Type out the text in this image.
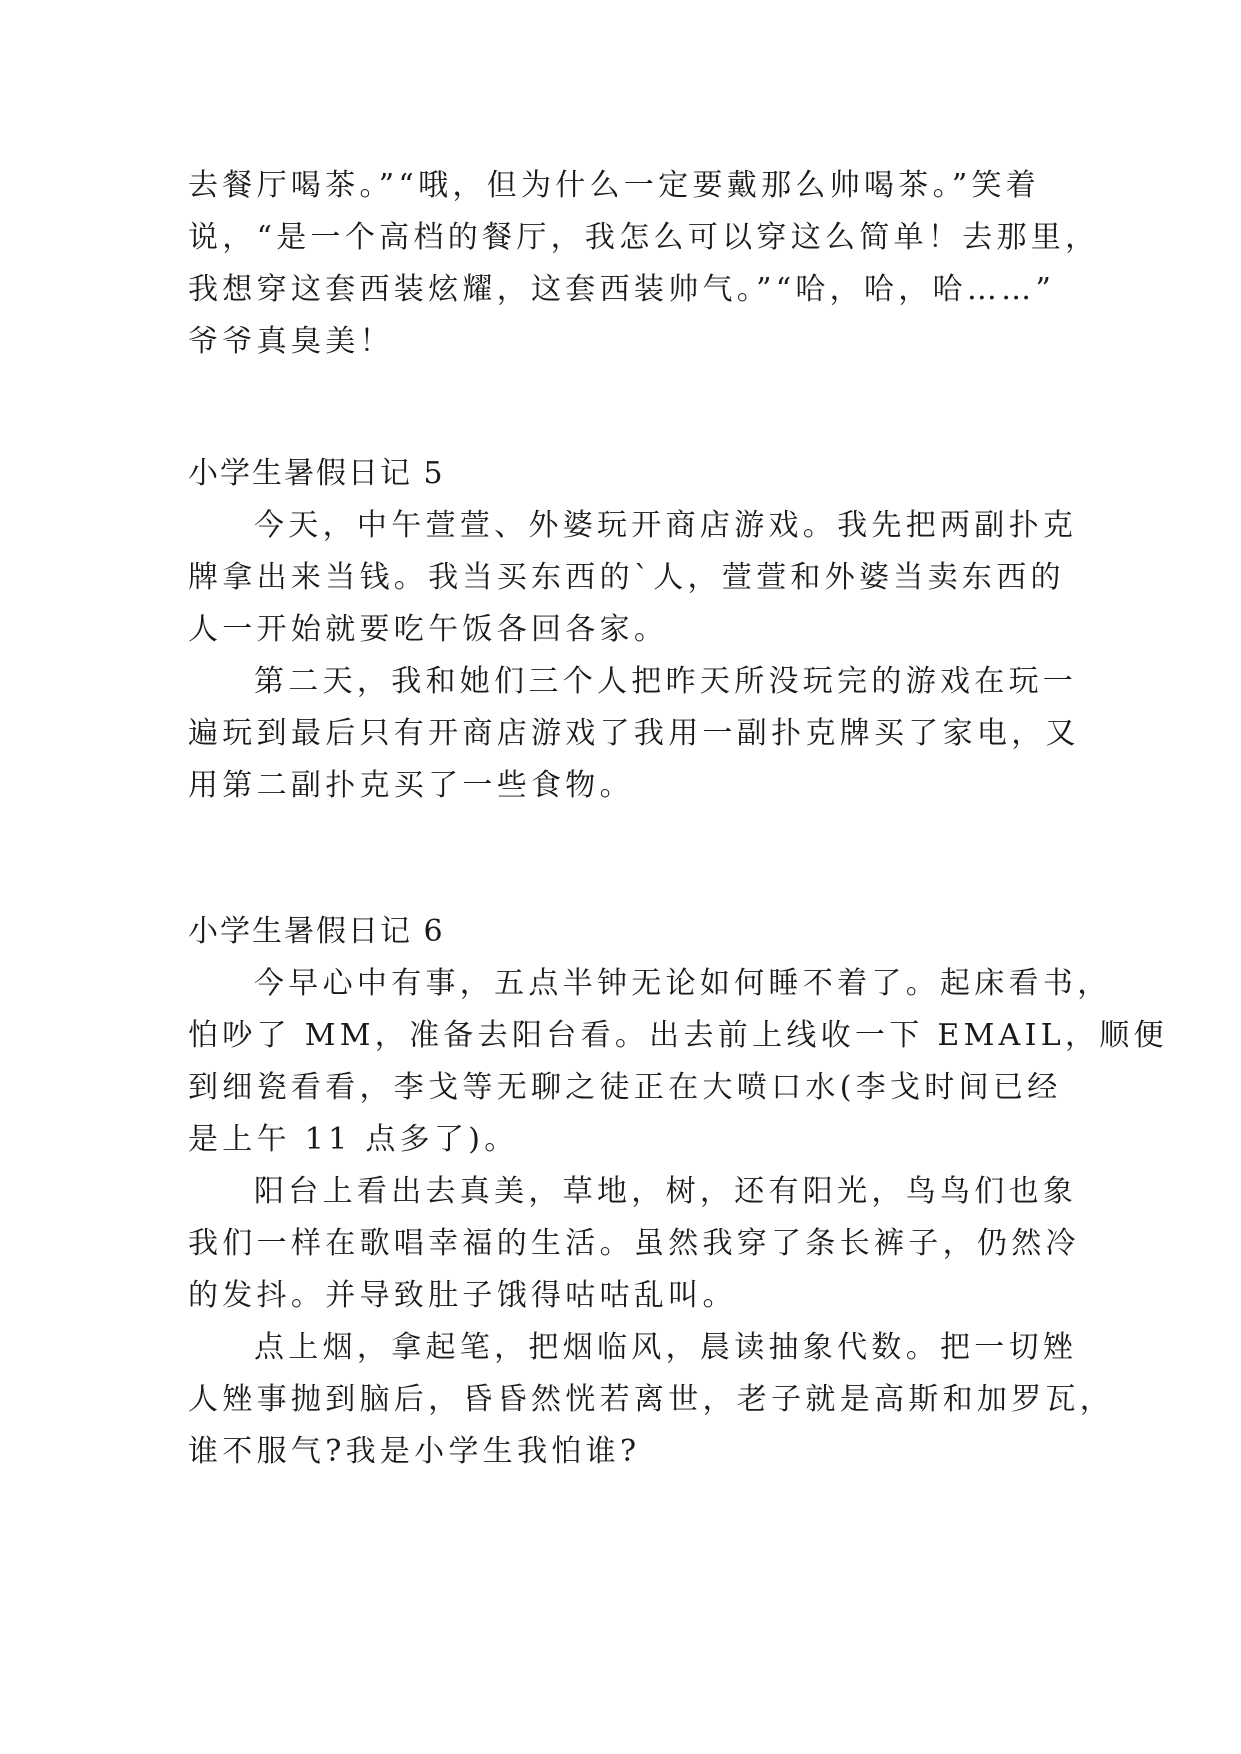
去餐厅喝茶。”“哦，但为什么一定要戴那么帅喝茶。”笑着
说，“是一个高档的餐厅，我怎么可以穿这么简单！去那里，
我想穿这套西装炫耀，这套西装帅气。”“哈，哈，哈……”
爷爷真臭美！
小学生暑假日记 5
今天，中午萱萱、外婆玩开商店游戏。我先把两副扑克
牌拿出来当钱。我当买东西的`人，萱萱和外婆当卖东西的
人一开始就要吃午饭各回各家。
第二天，我和她们三个人把昨天所没玩完的游戏在玩一
遍玩到最后只有开商店游戏了我用一副扑克牌买了家电，又
用第二副扑克买了一些食物。
小学生暑假日记 6
今早心中有事，五点半钟无论如何睡不着了。起床看书，
怕吵了 MM，准备去阳台看。出去前上线收一下 EMAIL，顺便
到细瓷看看，李戈等无聊之徒正在大喷口水(李戈时间已经
是上午 11 点多了)。
阳台上看出去真美，草地，树，还有阳光，鸟鸟们也象
我们一样在歌唱幸福的生活。虽然我穿了条长裤子，仍然冷
的发抖。并导致肚子饿得咕咕乱叫。
点上烟，拿起笔，把烟临风，晨读抽象代数。把一切矬
人矬事抛到脑后，昏昏然恍若离世，老子就是高斯和加罗瓦，
谁不服气?我是小学生我怕谁?
